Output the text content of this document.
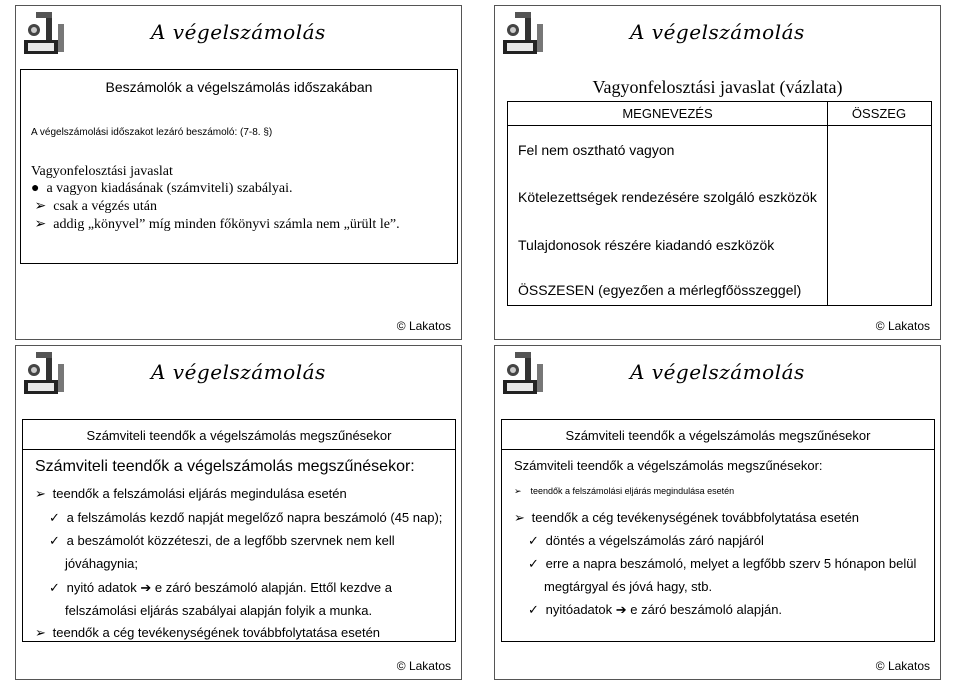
A végelszámolás
Beszámolók a végelszámolás időszakában
A végelszámolási időszakot lezáró beszámoló: (7-8. §)
Vagyonfelosztási javaslat
●  a vagyon kiadásának (számviteli) szabályai.
➢ csak a végzés után
➢ addig „könyvel” míg minden főkönyvi számla nem „ürült le”.
© Lakatos
A végelszámolás
Vagyonfelosztási javaslat (vázlata)
MEGNEVEZÉS	ÖSSZEG
Fel nem osztható vagyon
Kötelezettségek rendezésére szolgáló eszközök
Tulajdonosok részére kiadandó eszközök
ÖSSZESEN (egyezően a mérlegfőösszeggel)
© Lakatos
A végelszámolás
Számviteli teendők a végelszámolás megszűnésekor
Számviteli teendők a végelszámolás megszűnésekor:
➢ teendők a felszámolási eljárás megindulása esetén
✓ a felszámolás kezdő napját megelőző napra beszámoló (45 nap);
✓ a beszámolót közzéteszi, de a legfőbb szervnek nem kell
jóváhagynia;
✓ nyitó adatok ➔ e záró beszámoló alapján. Ettől kezdve a
felszámolási eljárás szabályai alapján folyik a munka.
➢ teendők a cég tevékenységének továbbfolytatása esetén
© Lakatos
A végelszámolás
Számviteli teendők a végelszámolás megszűnésekor
Számviteli teendők a végelszámolás megszűnésekor:
➢ teendők a felszámolási eljárás megindulása esetén
➢ teendők a cég tevékenységének továbbfolytatása esetén
✓ döntés a végelszámolás záró napjáról
✓ erre a napra beszámoló, melyet a legfőbb szerv 5 hónapon belül
megtárgyal és jóvá hagy, stb.
✓ nyitóadatok ➔ e záró beszámoló alapján.
© Lakatos
